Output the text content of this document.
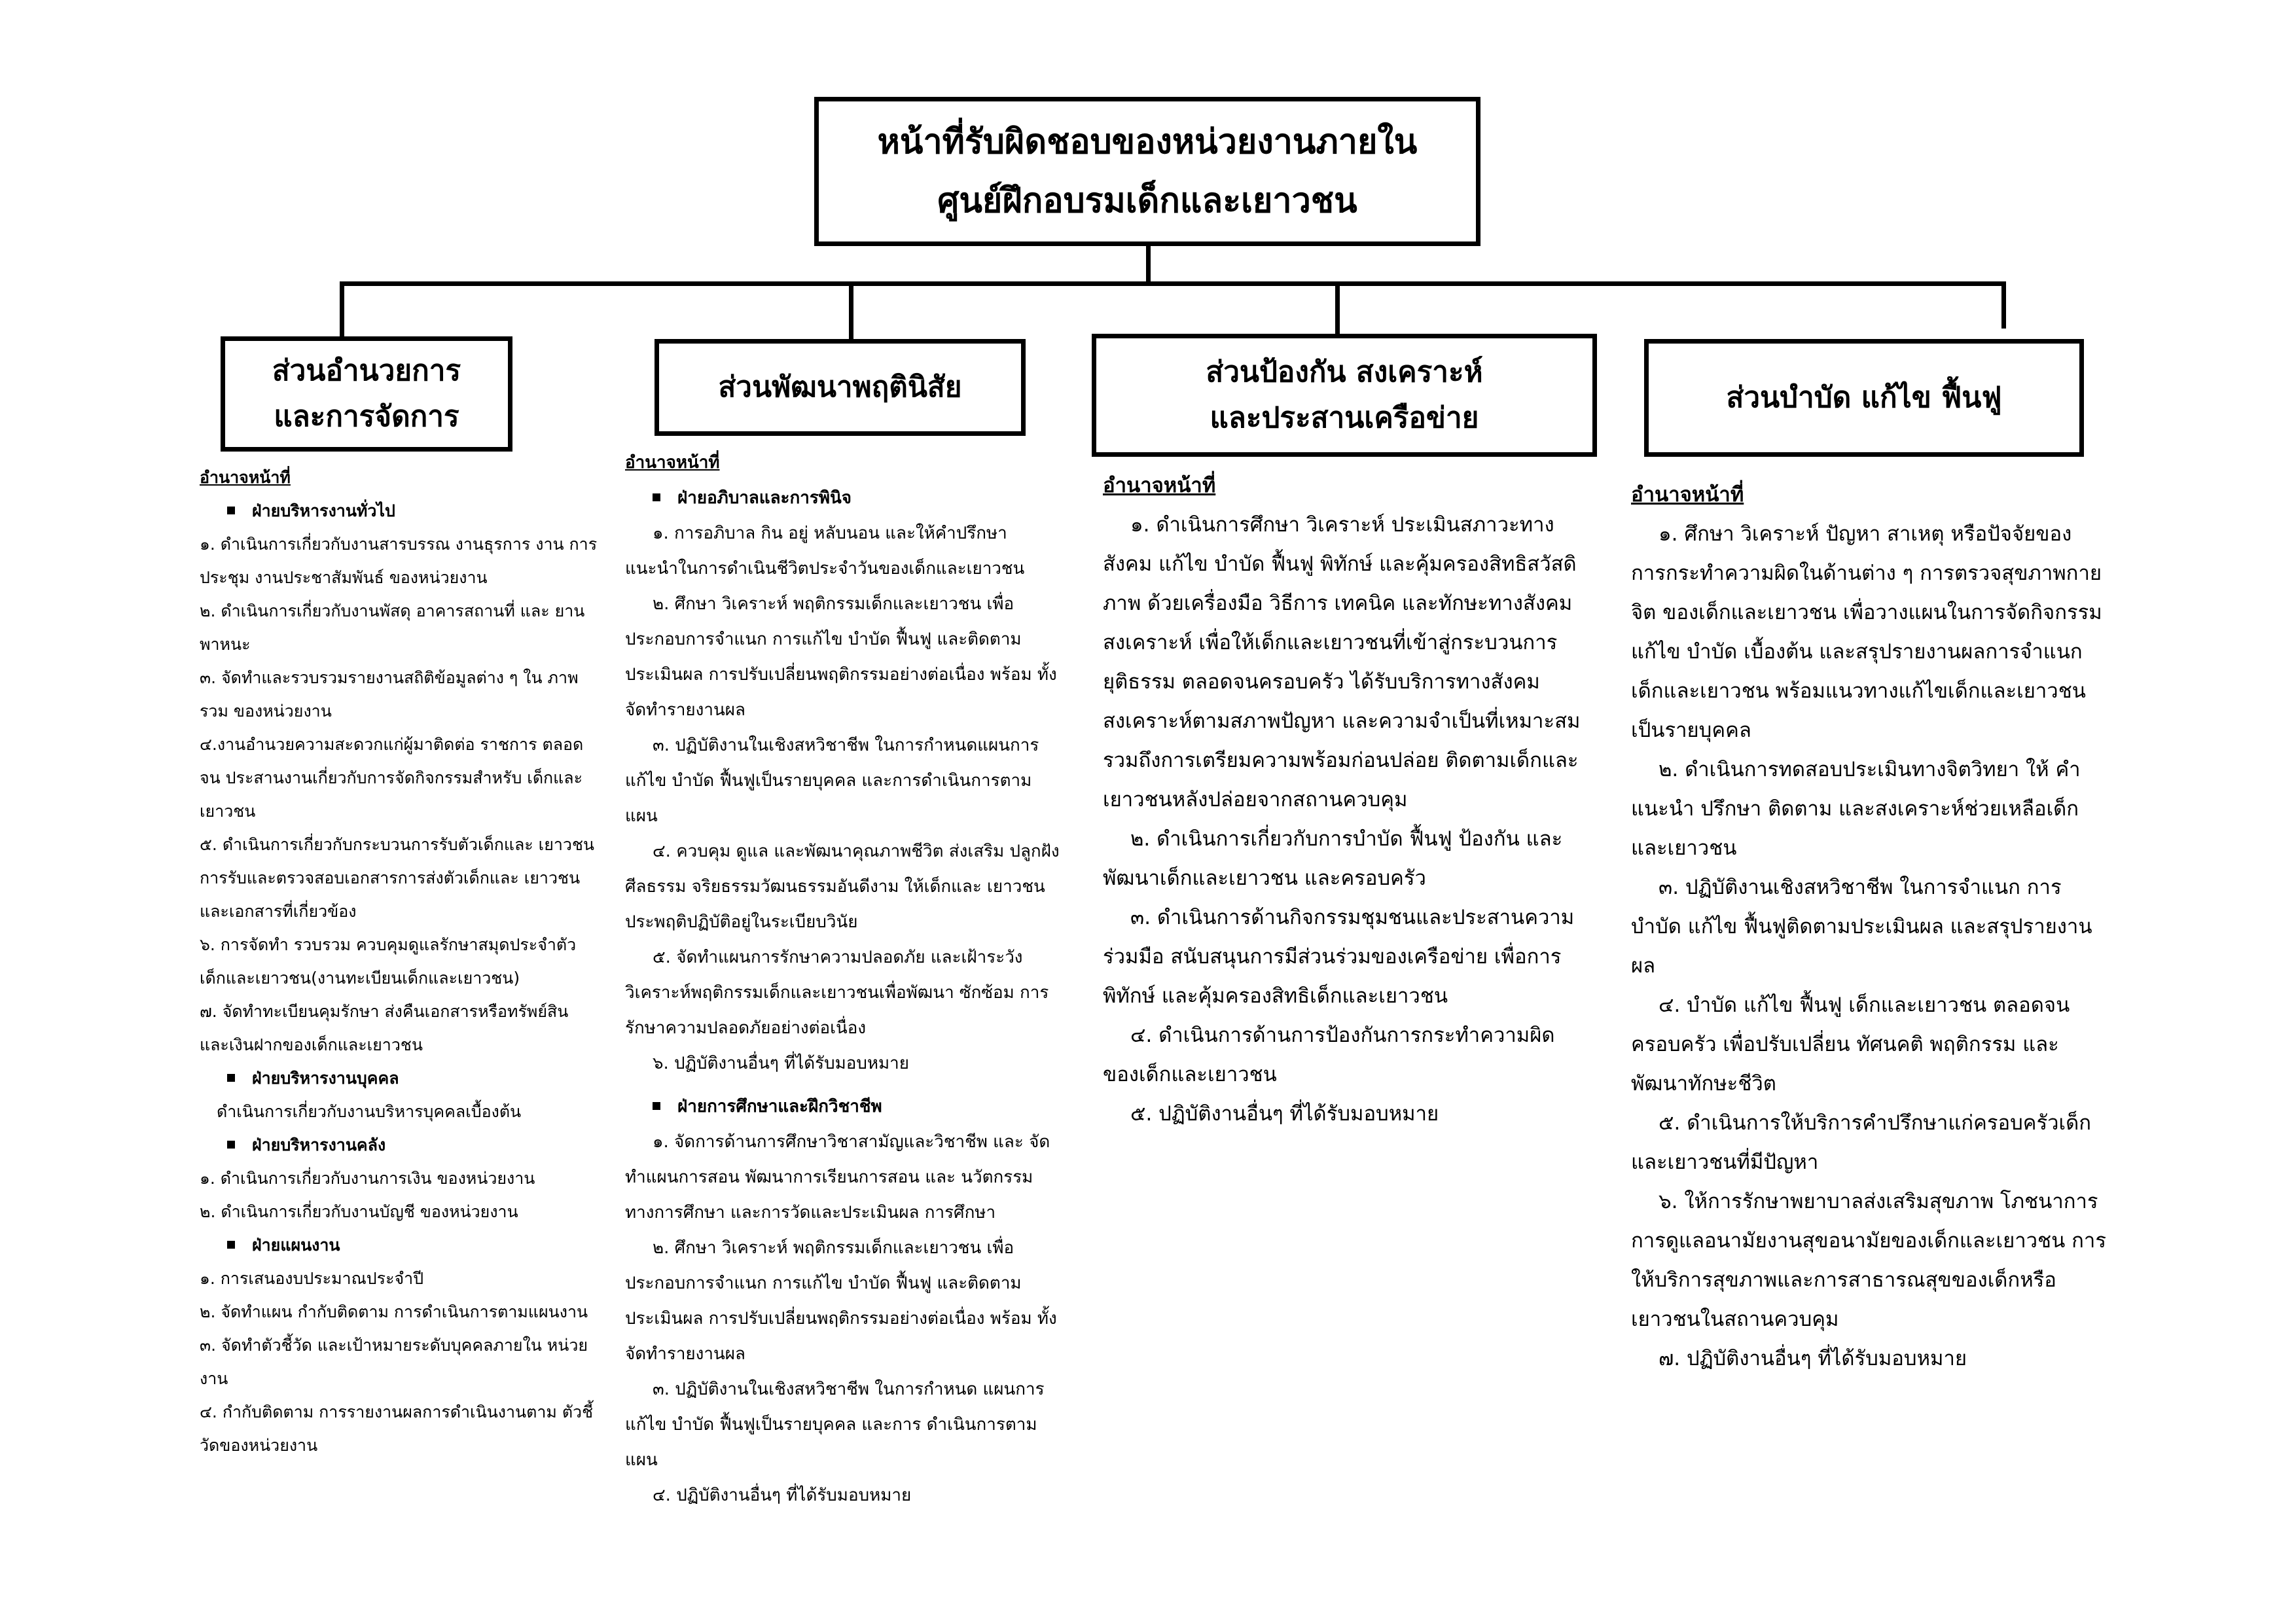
หน้าที่รับผิดชอบของหน่วยงานภายใน
ศูนย์ฝึกอบรมเด็กและเยาวชน
ส่วนอำนวยการ
และการจัดการ
ส่วนพัฒนาพฤตินิสัย	ส่วนป้องกัน สงเคราะห์
และประสานเครือข่าย
ส่วนบำบัด แก้ไข ฟื้นฟู

อำนาจหน้าที่

ฝ่ายบริหารงานทั่วไป

๑. ดำเนินการเกี่ยวกับงานสารบรรณ งานธุรการ งาน การประชุม งานประชาสัมพันธ์ ของหน่วยงาน

๒. ดำเนินการเกี่ยวกับงานพัสดุ อาคารสถานที่ และ ยานพาหนะ

๓. จัดทำและรวบรวมรายงานสถิติข้อมูลต่าง ๆ ใน ภาพรวม ของหน่วยงาน

๔.งานอำนวยความสะดวกแก่ผู้มาติดต่อ ราชการ ตลอดจน ประสานงานเกี่ยวกับการจัดกิจกรรมสำหรับ เด็กและเยาวชน

๕. ดำเนินการเกี่ยวกับกระบวนการรับตัวเด็กและ เยาวชน การรับและตรวจสอบเอกสารการส่งตัวเด็กและ เยาวชน และเอกสารที่เกี่ยวข้อง

๖. การจัดทำ รวบรวม ควบคุมดูแลรักษาสมุดประจำตัว เด็กและเยาวชน(งานทะเบียนเด็กและเยาวชน)

๗. จัดทำทะเบียนคุมรักษา ส่งคืนเอกสารหรือทรัพย์สิน และเงินฝากของเด็กและเยาวชน

ฝ่ายบริหารงานบุคคล

ดำเนินการเกี่ยวกับงานบริหารบุคคลเบื้องต้น

ฝ่ายบริหารงานคลัง

๑. ดำเนินการเกี่ยวกับงานการเงิน ของหน่วยงาน

๒. ดำเนินการเกี่ยวกับงานบัญชี ของหน่วยงาน

ฝ่ายแผนงาน

๑. การเสนองบประมาณประจำปี

๒. จัดทำแผน กำกับติดตาม การดำเนินการตามแผนงาน

๓. จัดทำตัวชี้วัด และเป้าหมายระดับบุคคลภายใน หน่วยงาน

๔. กำกับติดตาม การรายงานผลการดำเนินงานตาม ตัวชี้วัดของหน่วยงาน

อำนาจหน้าที่

ฝ่ายอภิบาลและการพินิจ

๑. การอภิบาล กิน อยู่ หลับนอน และให้คำปรึกษา แนะนำในการดำเนินชีวิตประจำวันของเด็กและเยาวชน

๒. ศึกษา วิเคราะห์ พฤติกรรมเด็กและเยาวชน เพื่อ ประกอบการจำแนก การแก้ไข บำบัด ฟื้นฟู และติดตาม ประเมินผล การปรับเปลี่ยนพฤติกรรมอย่างต่อเนื่อง พร้อม ทั้งจัดทำรายงานผล

๓. ปฏิบัติงานในเชิงสหวิชาชีพ ในการกำหนดแผนการ แก้ไข บำบัด ฟื้นฟูเป็นรายบุคคล และการดำเนินการตาม แผน

๔. ควบคุม ดูแล และพัฒนาคุณภาพชีวิต ส่งเสริม ปลูกฝัง ศีลธรรม จริยธรรมวัฒนธรรมอันดีงาม ให้เด็กและ เยาวชนประพฤติปฏิบัติอยู่ในระเบียบวินัย

๕. จัดทำแผนการรักษาความปลอดภัย และเฝ้าระวัง วิเคราะห์พฤติกรรมเด็กและเยาวชนเพื่อพัฒนา ซักซ้อม การรักษาความปลอดภัยอย่างต่อเนื่อง

๖. ปฏิบัติงานอื่นๆ ที่ได้รับมอบหมาย

ฝ่ายการศึกษาและฝึกวิชาชีพ

๑. จัดการด้านการศึกษาวิชาสามัญและวิชาชีพ และ จัดทำแผนการสอน พัฒนาการเรียนการสอน และ นวัตกรรมทางการศึกษา และการวัดและประเมินผล การศึกษา

๒. ศึกษา วิเคราะห์ พฤติกรรมเด็กและเยาวชน เพื่อ ประกอบการจำแนก การแก้ไข บำบัด ฟื้นฟู และติดตาม ประเมินผล การปรับเปลี่ยนพฤติกรรมอย่างต่อเนื่อง พร้อม ทั้งจัดทำรายงานผล

๓. ปฏิบัติงานในเชิงสหวิชาชีพ ในการกำหนด แผนการ แก้ไข บำบัด ฟื้นฟูเป็นรายบุคคล และการ ดำเนินการตามแผน

๔. ปฏิบัติงานอื่นๆ ที่ได้รับมอบหมาย

อำนาจหน้าที่

๑. ดำเนินการศึกษา วิเคราะห์ ประเมินสภาวะทาง สังคม แก้ไข บำบัด ฟื้นฟู พิทักษ์ และคุ้มครองสิทธิสวัสดิ ภาพ ด้วยเครื่องมือ วิธีการ เทคนิค และทักษะทางสังคม สงเคราะห์ เพื่อให้เด็กและเยาวชนที่เข้าสู่กระบวนการ ยุติธรรม ตลอดจนครอบครัว ได้รับบริการทางสังคม สงเคราะห์ตามสภาพปัญหา และความจำเป็นที่เหมาะสม รวมถึงการเตรียมความพร้อมก่อนปล่อย ติดตามเด็กและ เยาวชนหลังปล่อยจากสถานควบคุม

๒. ดำเนินการเกี่ยวกับการบำบัด ฟื้นฟู ป้องกัน และ พัฒนาเด็กและเยาวชน และครอบครัว

๓. ดำเนินการด้านกิจกรรมชุมชนและประสานความ ร่วมมือ สนับสนุนการมีส่วนร่วมของเครือข่าย เพื่อการ พิทักษ์ และคุ้มครองสิทธิเด็กและเยาวชน

๔. ดำเนินการด้านการป้องกันการกระทำความผิด ของเด็กและเยาวชน

๕. ปฏิบัติงานอื่นๆ ที่ได้รับมอบหมาย

อำนาจหน้าที่

๑. ศึกษา วิเคราะห์ ปัญหา สาเหตุ หรือปัจจัยของ การกระทำความผิดในด้านต่าง ๆ การตรวจสุขภาพกาย จิต ของเด็กและเยาวชน เพื่อวางแผนในการจัดกิจกรรม แก้ไข บำบัด เบื้องต้น และสรุปรายงานผลการจำแนก เด็กและเยาวชน พร้อมแนวทางแก้ไขเด็กและเยาวชน เป็นรายบุคคล

๒. ดำเนินการทดสอบประเมินทางจิตวิทยา ให้ คำแนะนำ ปรึกษา ติดตาม และสงเคราะห์ช่วยเหลือเด็ก และเยาวชน

๓. ปฏิบัติงานเชิงสหวิชาชีพ ในการจำแนก การ บำบัด แก้ไข ฟื้นฟูติดตามประเมินผล และสรุปรายงาน ผล

๔. บำบัด แก้ไข ฟื้นฟู เด็กและเยาวชน ตลอดจน ครอบครัว เพื่อปรับเปลี่ยน ทัศนคติ พฤติกรรม และ พัฒนาทักษะชีวิต

๕. ดำเนินการให้บริการคำปรึกษาแก่ครอบครัวเด็ก และเยาวชนที่มีปัญหา

๖. ให้การรักษาพยาบาลส่งเสริมสุขภาพ โภชนาการ การดูแลอนามัยงานสุขอนามัยของเด็กและเยาวชน การ ให้บริการสุขภาพและการสาธารณสุขของเด็กหรือ เยาวชนในสถานควบคุม

๗. ปฏิบัติงานอื่นๆ ที่ได้รับมอบหมาย
